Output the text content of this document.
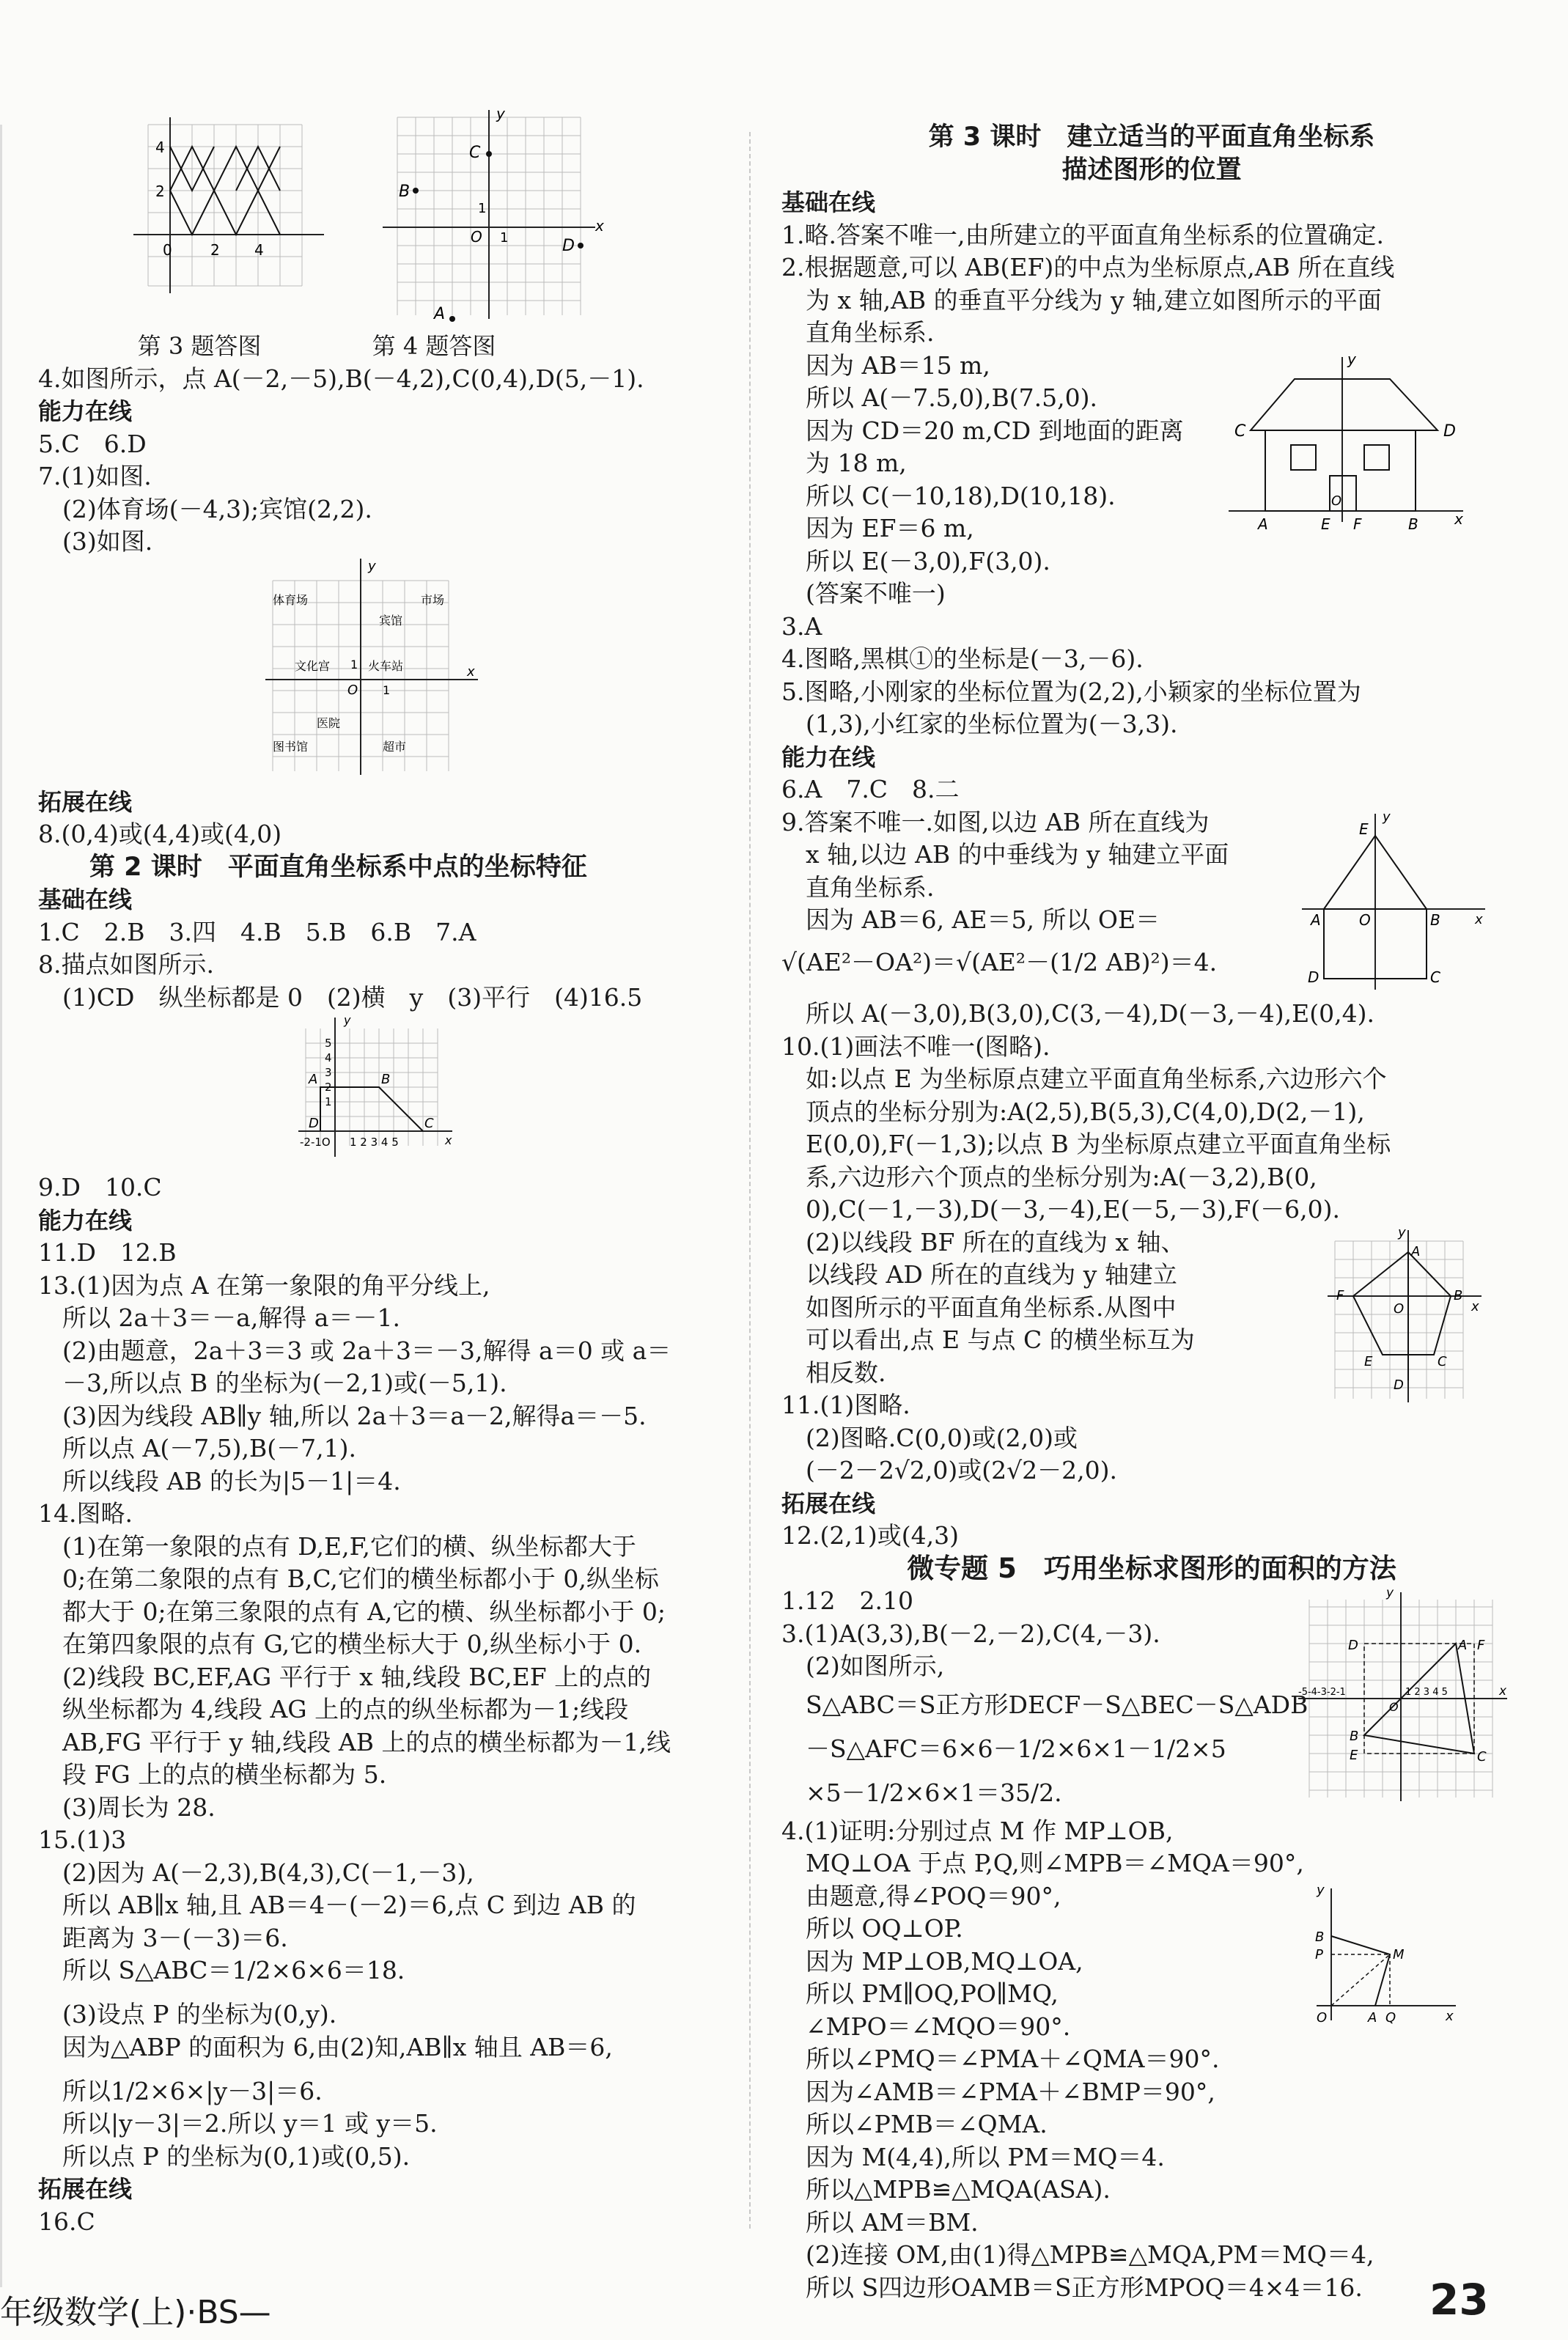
4
2
0	2 4
y
C
B
O
1
1
x
D
A
第 3 题答图	第 4 题答图
4.如图所示，点 A(－2,－5),B(－4,2),C(0,4),D(5,－1).
能力在线
5.C　6.D
7.(1)如图.
　(2)体育场(－4,3);宾馆(2,2).
　(3)如图.
体育场
宾馆
市场
文化宫	火车站
医院
图书馆	超市
O
1
1
x
y
拓展在线
8.(0,4)或(4,4)或(4,0)
第 2 课时　平面直角坐标系中点的坐标特征
基础在线
1.C　2.B　3.四　4.B　5.B　6.B　7.A
8.描点如图所示.
　(1)CD　纵坐标都是 0　(2)横　y　(3)平行　(4)16.5
y
5
4
3
2
1
A	B
D	C
-2-1O 1 2 3 4 5	x
9.D　10.C
能力在线
11.D　12.B
13.(1)因为点 A 在第一象限的角平分线上,
　所以 2a＋3＝－a,解得 a＝－1.
　(2)由题意，2a＋3＝3 或 2a＋3＝－3,解得 a＝0 或 a＝
　－3,所以点 B 的坐标为(－2,1)或(－5,1).
　(3)因为线段 AB∥y 轴,所以 2a＋3＝a－2,解得a＝－5.
　所以点 A(－7,5),B(－7,1).
　所以线段 AB 的长为|5－1|＝4.
14.图略.
　(1)在第一象限的点有 D,E,F,它们的横、纵坐标都大于
　0;在第二象限的点有 B,C,它们的横坐标都小于 0,纵坐标
　都大于 0;在第三象限的点有 A,它的横、纵坐标都小于 0;
　在第四象限的点有 G,它的横坐标大于 0,纵坐标小于 0.
　(2)线段 BC,EF,AG 平行于 x 轴,线段 BC,EF 上的点的
　纵坐标都为 4,线段 AG 上的点的纵坐标都为－1;线段
　AB,FG 平行于 y 轴,线段 AB 上的点的横坐标都为－1,线
　段 FG 上的点的横坐标都为 5.
　(3)周长为 28.
15.(1)3
　(2)因为 A(－2,3),B(4,3),C(－1,－3),
　所以 AB∥x 轴,且 AB＝4－(－2)＝6,点 C 到边 AB 的
　距离为 3－(－3)＝6.
　所以 S△ABC＝1/2×6×6＝18.
　(3)设点 P 的坐标为(0,y).
　因为△ABP 的面积为 6,由(2)知,AB∥x 轴且 AB＝6,
　所以1/2×6×|y－3|＝6.
　所以|y－3|＝2.所以 y＝1 或 y＝5.
　所以点 P 的坐标为(0,1)或(0,5).
拓展在线
16.C
第 3 课时　建立适当的平面直角坐标系
描述图形的位置
基础在线
1.略.答案不唯一,由所建立的平面直角坐标系的位置确定.
2.根据题意,可以 AB(EF)的中点为坐标原点,AB 所在直线
　为 x 轴,AB 的垂直平分线为 y 轴,建立如图所示的平面
　直角坐标系.
y
C	D
O
A	E F	B x
　因为 AB＝15 m,
　所以 A(－7.5,0),B(7.5,0).
　因为 CD＝20 m,CD 到地面的距离
　为 18 m,
　所以 C(－10,18),D(10,18).
　因为 EF＝6 m,
　所以 E(－3,0),F(3,0).
　(答案不唯一)
3.A
4.图略,黑棋①的坐标是(－3,－6).
5.图略,小刚家的坐标位置为(2,2),小颖家的坐标位置为
　(1,3),小红家的坐标位置为(－3,3).
能力在线
6.A　7.C　8.二
E
y
A	O	B	x
D	C
9.答案不唯一.如图,以边 AB 所在直线为
　x 轴,以边 AB 的中垂线为 y 轴建立平面
　直角坐标系.
　因为 AB＝6, AE＝5, 所以 OE＝
√(AE²－OA²)＝√(AE²－(1/2 AB)²)＝4.
　所以 A(－3,0),B(3,0),C(3,－4),D(－3,－4),E(0,4).
10.(1)画法不唯一(图略).
　如:以点 E 为坐标原点建立平面直角坐标系,六边形六个
　顶点的坐标分别为:A(2,5),B(5,3),C(4,0),D(2,－1),
　E(0,0),F(－1,3);以点 B 为坐标原点建立平面直角坐标
　系,六边形六个顶点的坐标分别为:A(－3,2),B(0,
　0),C(－1,－3),D(－3,－4),E(－5,－3),F(－6,0).
y
A
F
O
B
x
E	C
D
　(2)以线段 BF 所在的直线为 x 轴、
　以线段 AD 所在的直线为 y 轴建立
　如图所示的平面直角坐标系.从图中
　可以看出,点 E 与点 C 的横坐标互为
　相反数.
11.(1)图略.
　(2)图略.C(0,0)或(2,0)或
　(－2－2√2,0)或(2√2－2,0).
拓展在线
12.(2,1)或(4,3)
微专题 5　巧用坐标求图形的面积的方法
y
D	A F
O
x
B
E	C
-5-4-3-2-1	1 2 3 4 5
1.12　2.10
3.(1)A(3,3),B(－2,－2),C(4,－3).
　(2)如图所示,
　S△ABC＝S正方形DECF－S△BEC－S△ADB
　－S△AFC＝6×6－1/2×6×1－1/2×5
　×5－1/2×6×1＝35/2.
y
B
P	M
O	A Q	x
4.(1)证明:分别过点 M 作 MP⊥OB,
　MQ⊥OA 于点 P,Q,则∠MPB＝∠MQA＝90°,
　由题意,得∠POQ＝90°,
　所以 OQ⊥OP.
　因为 MP⊥OB,MQ⊥OA,
　所以 PM∥OQ,PO∥MQ,
　∠MPO＝∠MQO＝90°.
　所以∠PMQ＝∠PMA＋∠QMA＝90°.
　因为∠AMB＝∠PMA＋∠BMP＝90°,
　所以∠PMB＝∠QMA.
　因为 M(4,4),所以 PM＝MQ＝4.
　所以△MPB≌△MQA(ASA).
　所以 AM＝BM.
　(2)连接 OM,由(1)得△MPB≌△MQA,PM＝MQ＝4,
　所以 S四边形OAMB＝S正方形MPOQ＝4×4＝16.
年级数学(上)·BS—	23
